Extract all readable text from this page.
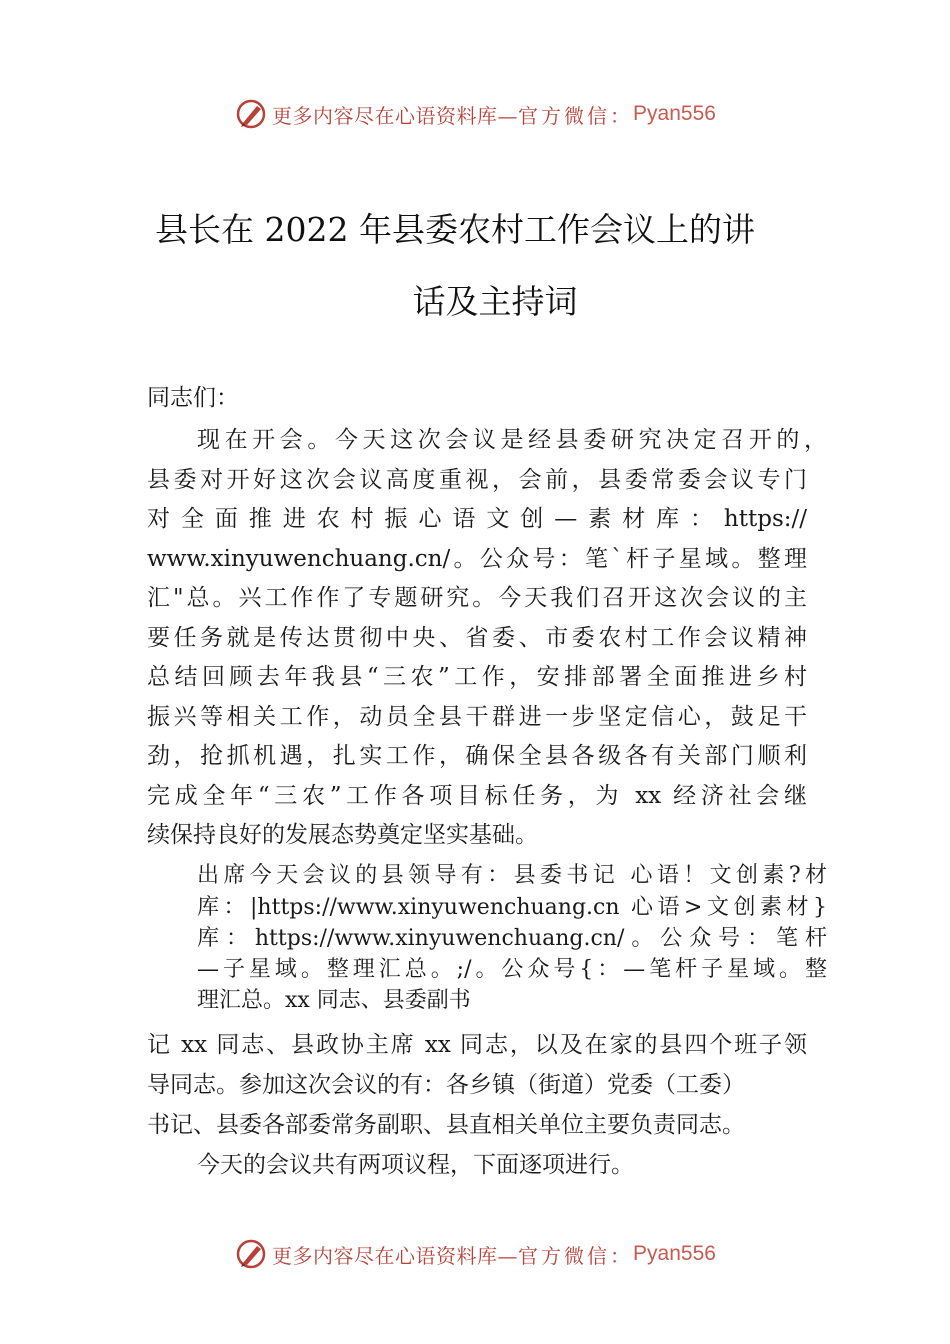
更多内容尽在心语资料库— 官方微信： Pyan556
县长在 2022 年县委农村工作会议上的讲
话及主持词
同志们：
现在开会。今天这次会议是经县委研究决定召开的，
县委对开好这次会议高度重视，会前，县委常委会议专门
对全面推进农村振心语文创—素材库：https://
www.xinyuwenchuang.cn/。公众号：笔`杆子星域。整理
汇"总。兴工作作了专题研究。今天我们召开这次会议的主
要任务就是传达贯彻中央、省委、市委农村工作会议精神
总结回顾去年我县“三农”工作，安排部署全面推进乡村
振兴等相关工作，动员全县干群进一步坚定信心，鼓足干
劲，抢抓机遇，扎实工作，确保全县各级各有关部门顺利
完成全年“三农”工作各项目标任务，为 xx 经济社会继
续保持良好的发展态势奠定坚实基础。
出席今天会议的县领导有：县委书记 心语！文创素?材
库：|https://www.xinyuwenchuang.cn 心语>文创素材}
库：https://www.xinyuwenchuang.cn/。公众号：笔杆
—子星域。整理汇总。;/。公众号{：—笔杆子星域。整
理汇总。xx 同志、县委副书
记 xx 同志、县政协主席 xx 同志，以及在家的县四个班子领
导同志。参加这次会议的有：各乡镇（街道）党委（工委）
书记、县委各部委常务副职、县直相关单位主要负责同志。
今天的会议共有两项议程，下面逐项进行。
更多内容尽在心语资料库— 官方微信： Pyan556
